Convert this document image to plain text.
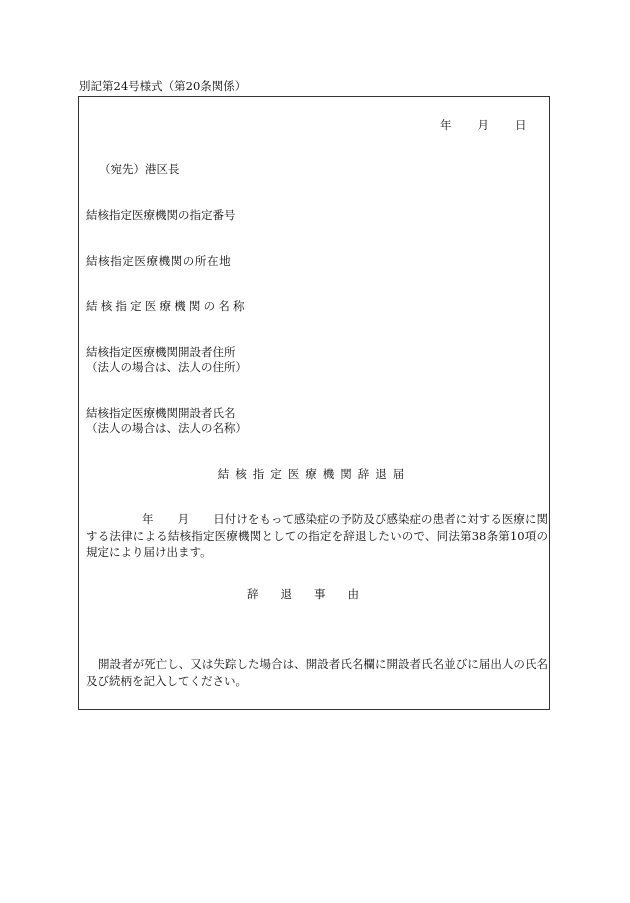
別記第24号様式（第20条関係）
年 月 日
（宛先）港区長
結核指定医療機関の指定番号
結核指定医療機関の所在地
結核指定医療機関の名称
結核指定医療機関開設者住所
（法人の場合は、法人の住所）
結核指定医療機関開設者氏名
（法人の場合は、法人の名称）
結核指定医療機関辞退届
年 月 日付けをもって感染症の予防及び感染症の患者に対する医療に関する法律による結核指定医療機関としての指定を辞退したいので、同法第38条第10項の規定により届け出ます。
辞退事由
開設者が死亡し、又は失踪した場合は、開設者氏名欄に開設者氏名並びに届出人の氏名及び続柄を記入してください。
